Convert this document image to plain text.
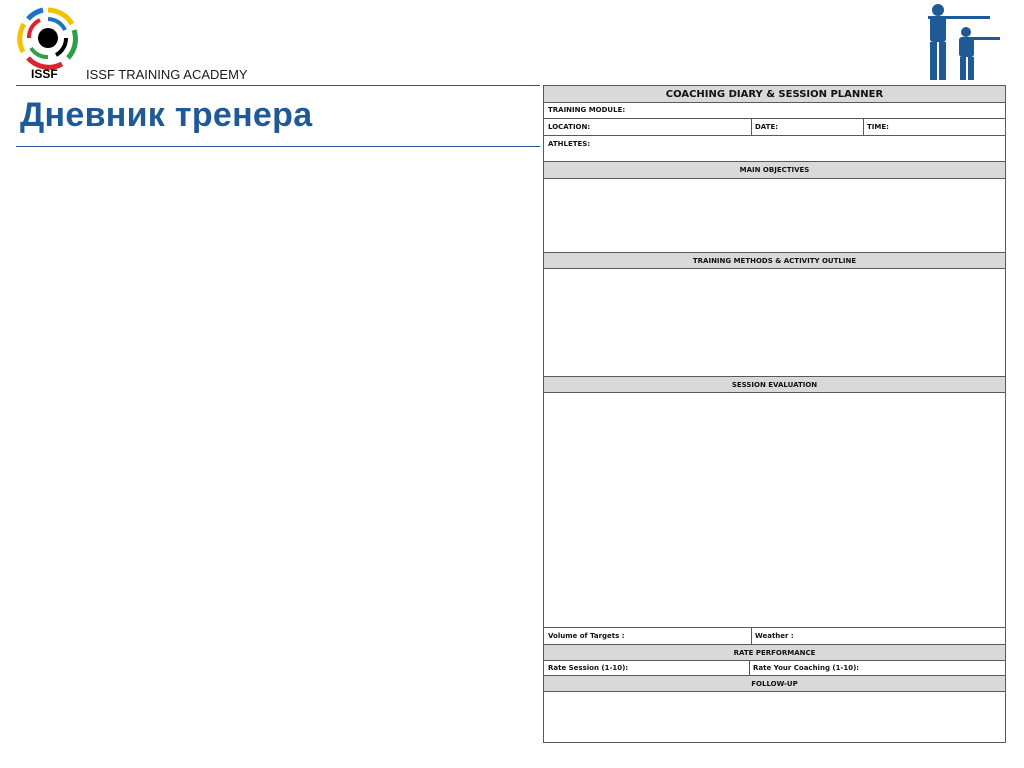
ISSF ISSF TRAINING ACADEMY
Дневник тренера
COACHING DIARY & SESSION PLANNER
TRAINING MODULE:
LOCATION:	DATE:	TIME:
ATHLETES:
MAIN OBJECTIVES
TRAINING METHODS & ACTIVITY OUTLINE
SESSION EVALUATION
Volume of Targets :	Weather :
RATE PERFORMANCE
Rate Session (1-10):	Rate Your Coaching (1-10):
FOLLOW-UP
